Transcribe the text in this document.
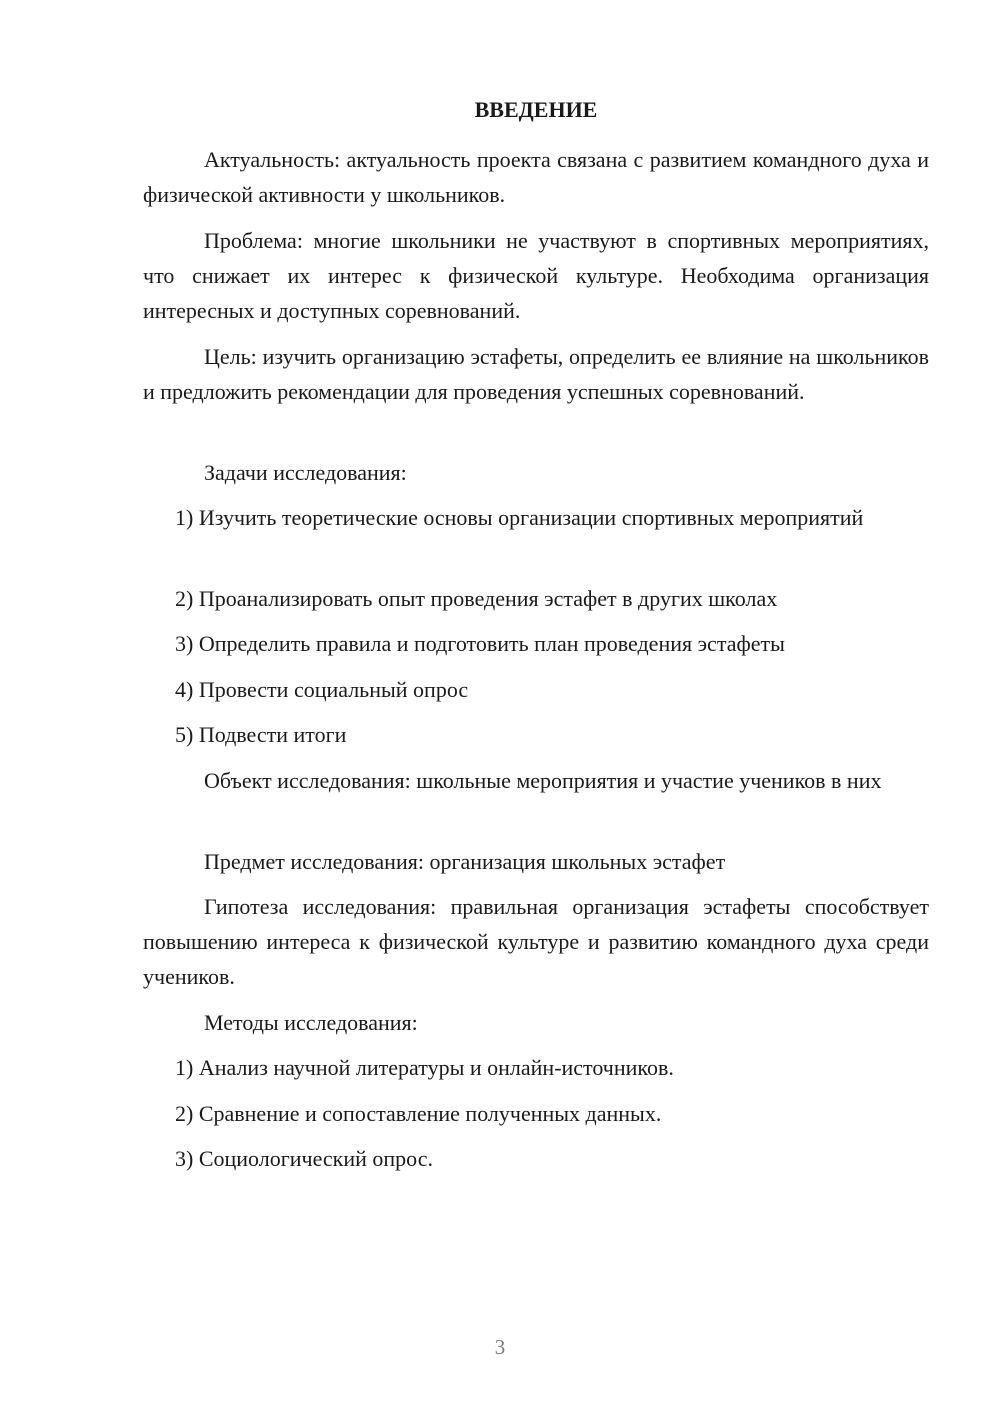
ВВЕДЕНИЕ

Актуальность: актуальность проекта связана с развитием командного духа и физической активности у школьников.

Проблема: многие школьники не участвуют в спортивных мероприятиях, что снижает их интерес к физической культуре. Необходима организация интересных и доступных соревнований.

Цель: изучить организацию эстафеты, определить ее влияние на школьников и предложить рекомендации для проведения успешных соревнований.

Задачи исследования:

1) Изучить теоретические основы организации спортивных мероприятий

2) Проанализировать опыт проведения эстафет в других школах

3) Определить правила и подготовить план проведения эстафеты

4) Провести социальный опрос

5) Подвести итоги

Объект исследования: школьные мероприятия и участие учеников в них

Предмет исследования: организация школьных эстафет

Гипотеза исследования: правильная организация эстафеты способствует повышению интереса к физической культуре и развитию командного духа среди учеников.

Методы исследования:

1) Анализ научной литературы и онлайн-источников.

2) Сравнение и сопоставление полученных данных.

3) Социологический опрос.

3
